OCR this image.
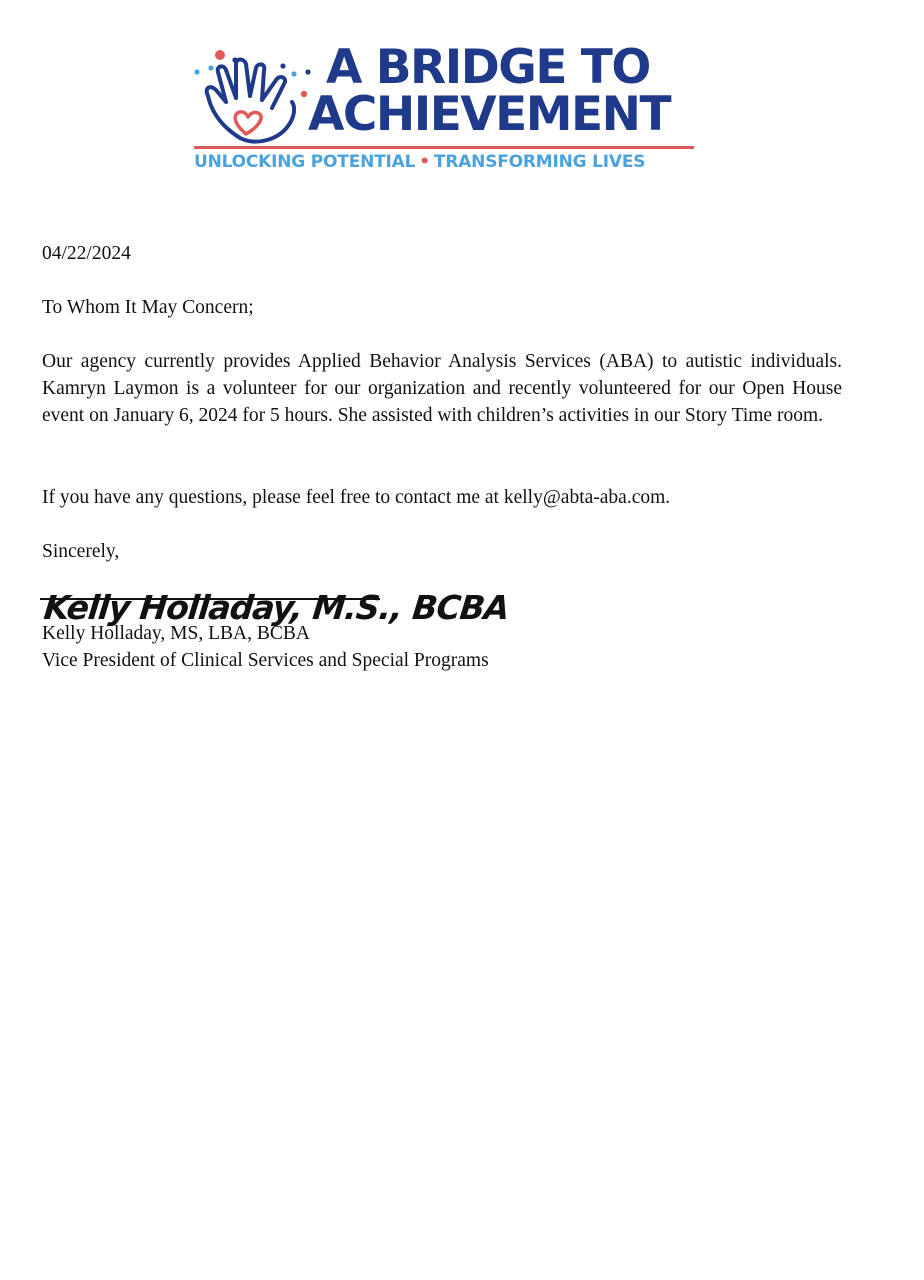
A BRIDGE TO
ACHIEVEMENT
UNLOCKING POTENTIAL • TRANSFORMING LIVES
04/22/2024
To Whom It May Concern;
Our agency currently provides Applied Behavior Analysis Services (ABA) to autistic individuals. Kamryn Laymon is a volunteer for our organization and recently volunteered for our Open House event on January 6, 2024 for 5 hours. She assisted with children’s activities in our Story Time room.
If you have any questions, please feel free to contact me at kelly@abta-aba.com.
Sincerely,
Kelly Holladay, M.S., BCBA
Kelly Holladay, MS, LBA, BCBA
Vice President of Clinical Services and Special Programs
